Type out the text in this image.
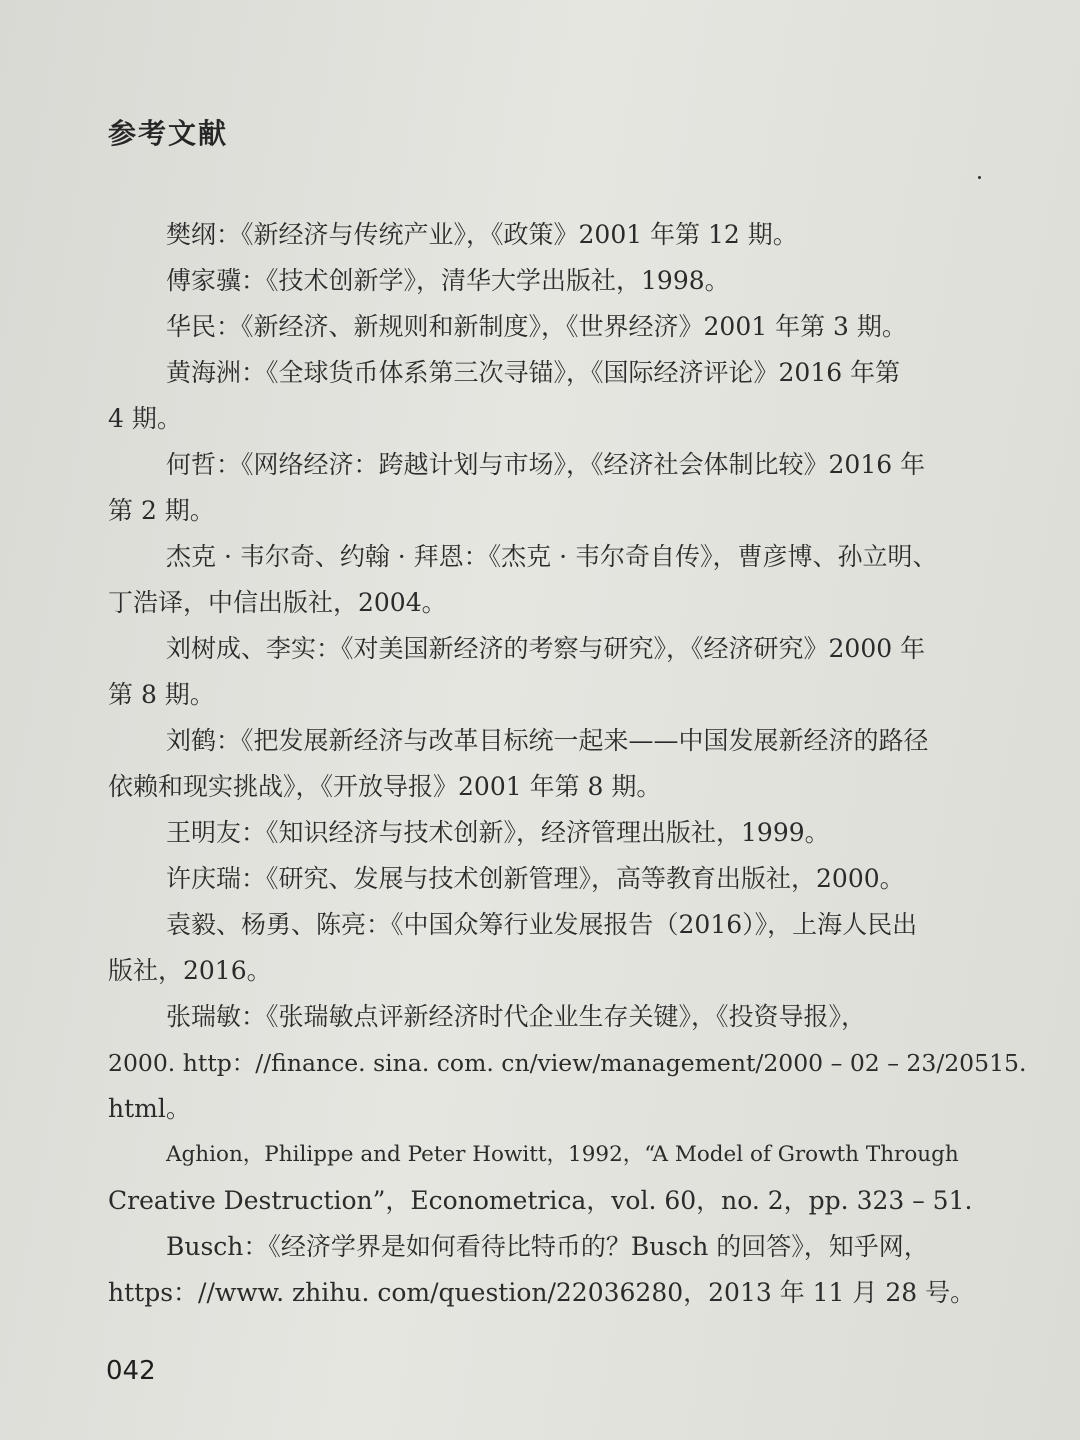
参考文献
樊纲：《新经济与传统产业》，《政策》2001 年第 12 期。
傅家骥：《技术创新学》，清华大学出版社，1998。
华民：《新经济、新规则和新制度》，《世界经济》2001 年第 3 期。
黄海洲：《全球货币体系第三次寻锚》，《国际经济评论》2016 年第
4 期。
何哲：《网络经济：跨越计划与市场》，《经济社会体制比较》2016 年
第 2 期。
杰克 · 韦尔奇、约翰 · 拜恩：《杰克 · 韦尔奇自传》，曹彦博、孙立明、
丁浩译，中信出版社，2004。
刘树成、李实：《对美国新经济的考察与研究》，《经济研究》2000 年
第 8 期。
刘鹤：《把发展新经济与改革目标统一起来——中国发展新经济的路径
依赖和现实挑战》，《开放导报》2001 年第 8 期。
王明友：《知识经济与技术创新》，经济管理出版社，1999。
许庆瑞：《研究、发展与技术创新管理》，高等教育出版社，2000。
袁毅、杨勇、陈亮：《中国众筹行业发展报告（2016）》，上海人民出
版社，2016。
张瑞敏：《张瑞敏点评新经济时代企业生存关键》，《投资导报》，
2000. http：//finance. sina. com. cn/view/management/2000 – 02 – 23/20515.
html。
Aghion，Philippe and Peter Howitt，1992，“A Model of Growth Through
Creative Destruction”，Econometrica，vol. 60，no. 2，pp. 323 – 51.
Busch：《经济学界是如何看待比特币的？Busch 的回答》，知乎网，
https：//www. zhihu. com/question/22036280，2013 年 11 月 28 号。
042
